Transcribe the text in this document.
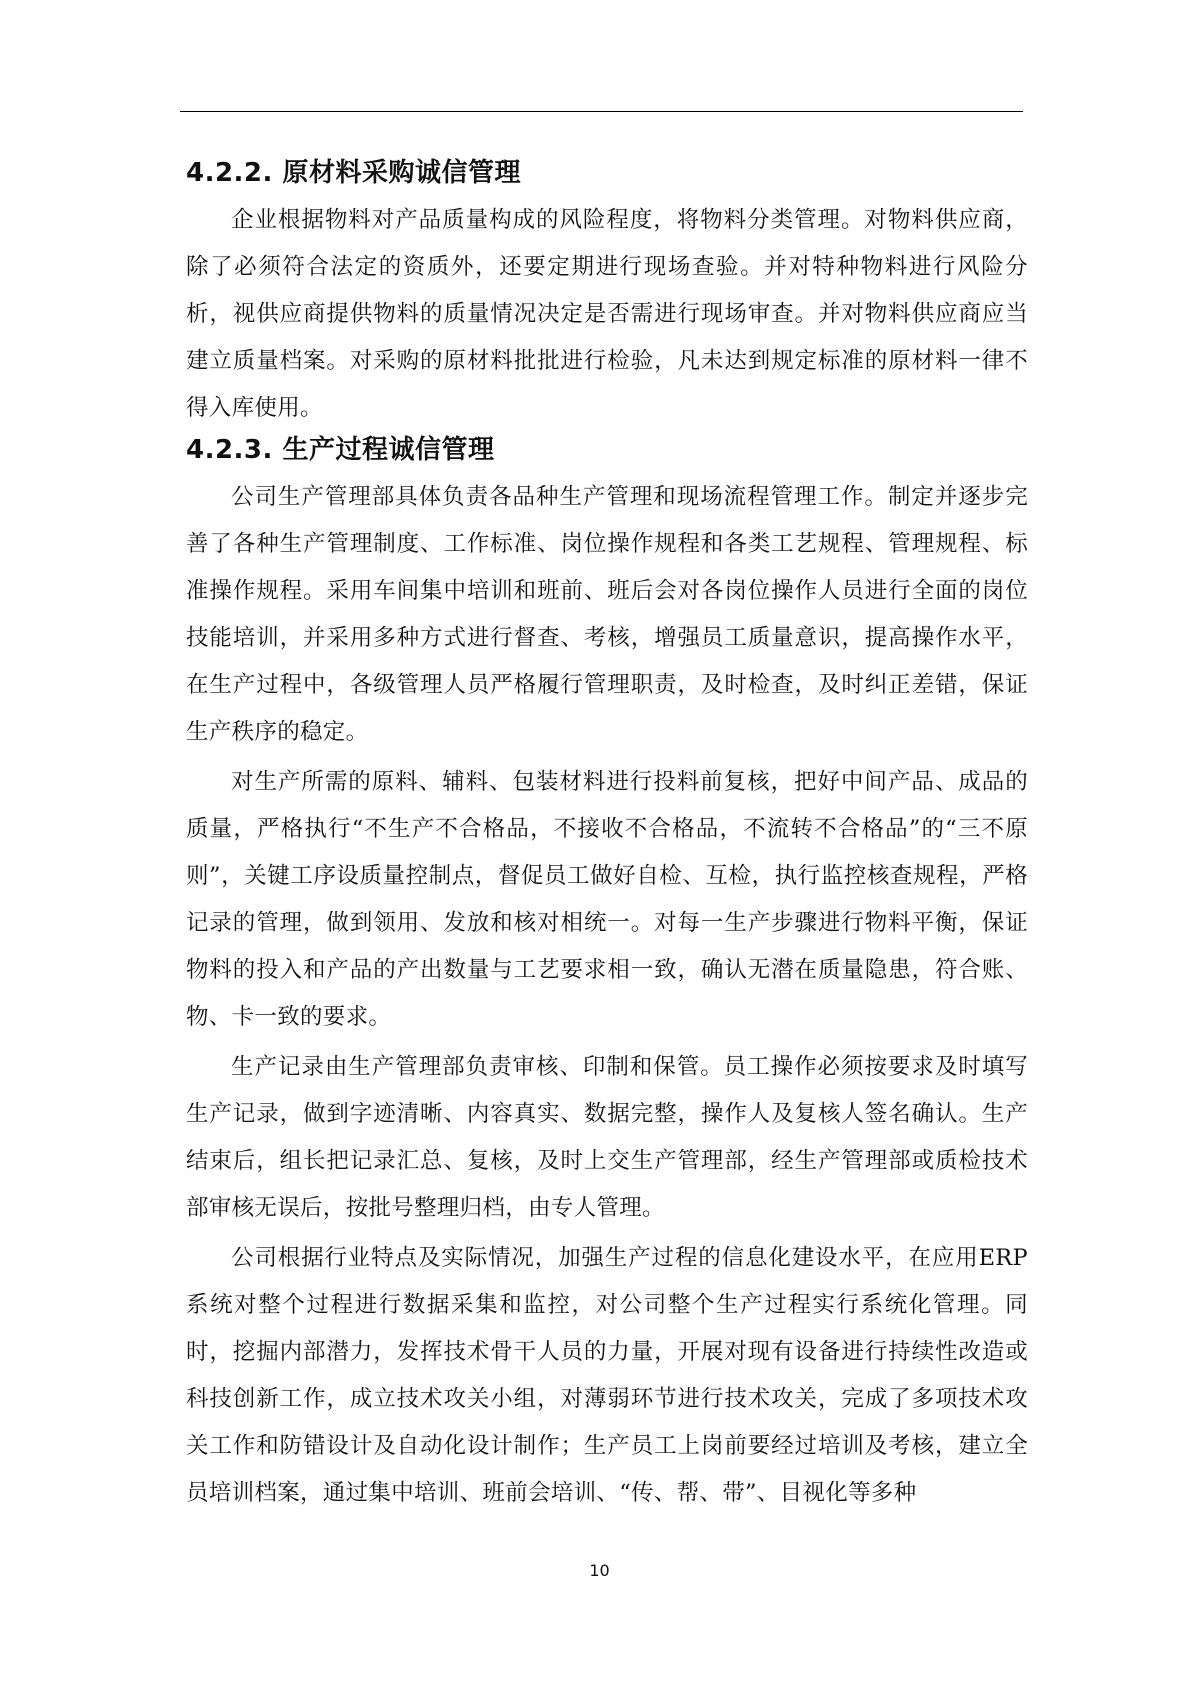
4.2.2. 原材料采购诚信管理

企业根据物料对产品质量构成的风险程度，将物料分类管理。对物料供应商，除了必须符合法定的资质外，还要定期进行现场查验。并对特种物料进行风险分析，视供应商提供物料的质量情况决定是否需进行现场审查。并对物料供应商应当建立质量档案。对采购的原材料批批进行检验，凡未达到规定标准的原材料一律不得入库使用。

4.2.3. 生产过程诚信管理

公司生产管理部具体负责各品种生产管理和现场流程管理工作。制定并逐步完善了各种生产管理制度、工作标准、岗位操作规程和各类工艺规程、管理规程、标准操作规程。采用车间集中培训和班前、班后会对各岗位操作人员进行全面的岗位技能培训，并采用多种方式进行督查、考核，增强员工质量意识，提高操作水平，在生产过程中，各级管理人员严格履行管理职责，及时检查，及时纠正差错，保证生产秩序的稳定。

对生产所需的原料、辅料、包装材料进行投料前复核，把好中间产品、成品的质量，严格执行“不生产不合格品，不接收不合格品，不流转不合格品”的“三不原则”，关键工序设质量控制点，督促员工做好自检、互检，执行监控核查规程，严格记录的管理，做到领用、发放和核对相统一。对每一生产步骤进行物料平衡，保证物料的投入和产品的产出数量与工艺要求相一致，确认无潜在质量隐患，符合账、物、卡一致的要求。

生产记录由生产管理部负责审核、印制和保管。员工操作必须按要求及时填写生产记录，做到字迹清晰、内容真实、数据完整，操作人及复核人签名确认。生产结束后，组长把记录汇总、复核，及时上交生产管理部，经生产管理部或质检技术部审核无误后，按批号整理归档，由专人管理。

公司根据行业特点及实际情况，加强生产过程的信息化建设水平，在应用ERP系统对整个过程进行数据采集和监控，对公司整个生产过程实行系统化管理。同时，挖掘内部潜力，发挥技术骨干人员的力量，开展对现有设备进行持续性改造或科技创新工作，成立技术攻关小组，对薄弱环节进行技术攻关，完成了多项技术攻关工作和防错设计及自动化设计制作；生产员工上岗前要经过培训及考核，建立全员培训档案，通过集中培训、班前会培训、“传、帮、带”、目视化等多种

10
